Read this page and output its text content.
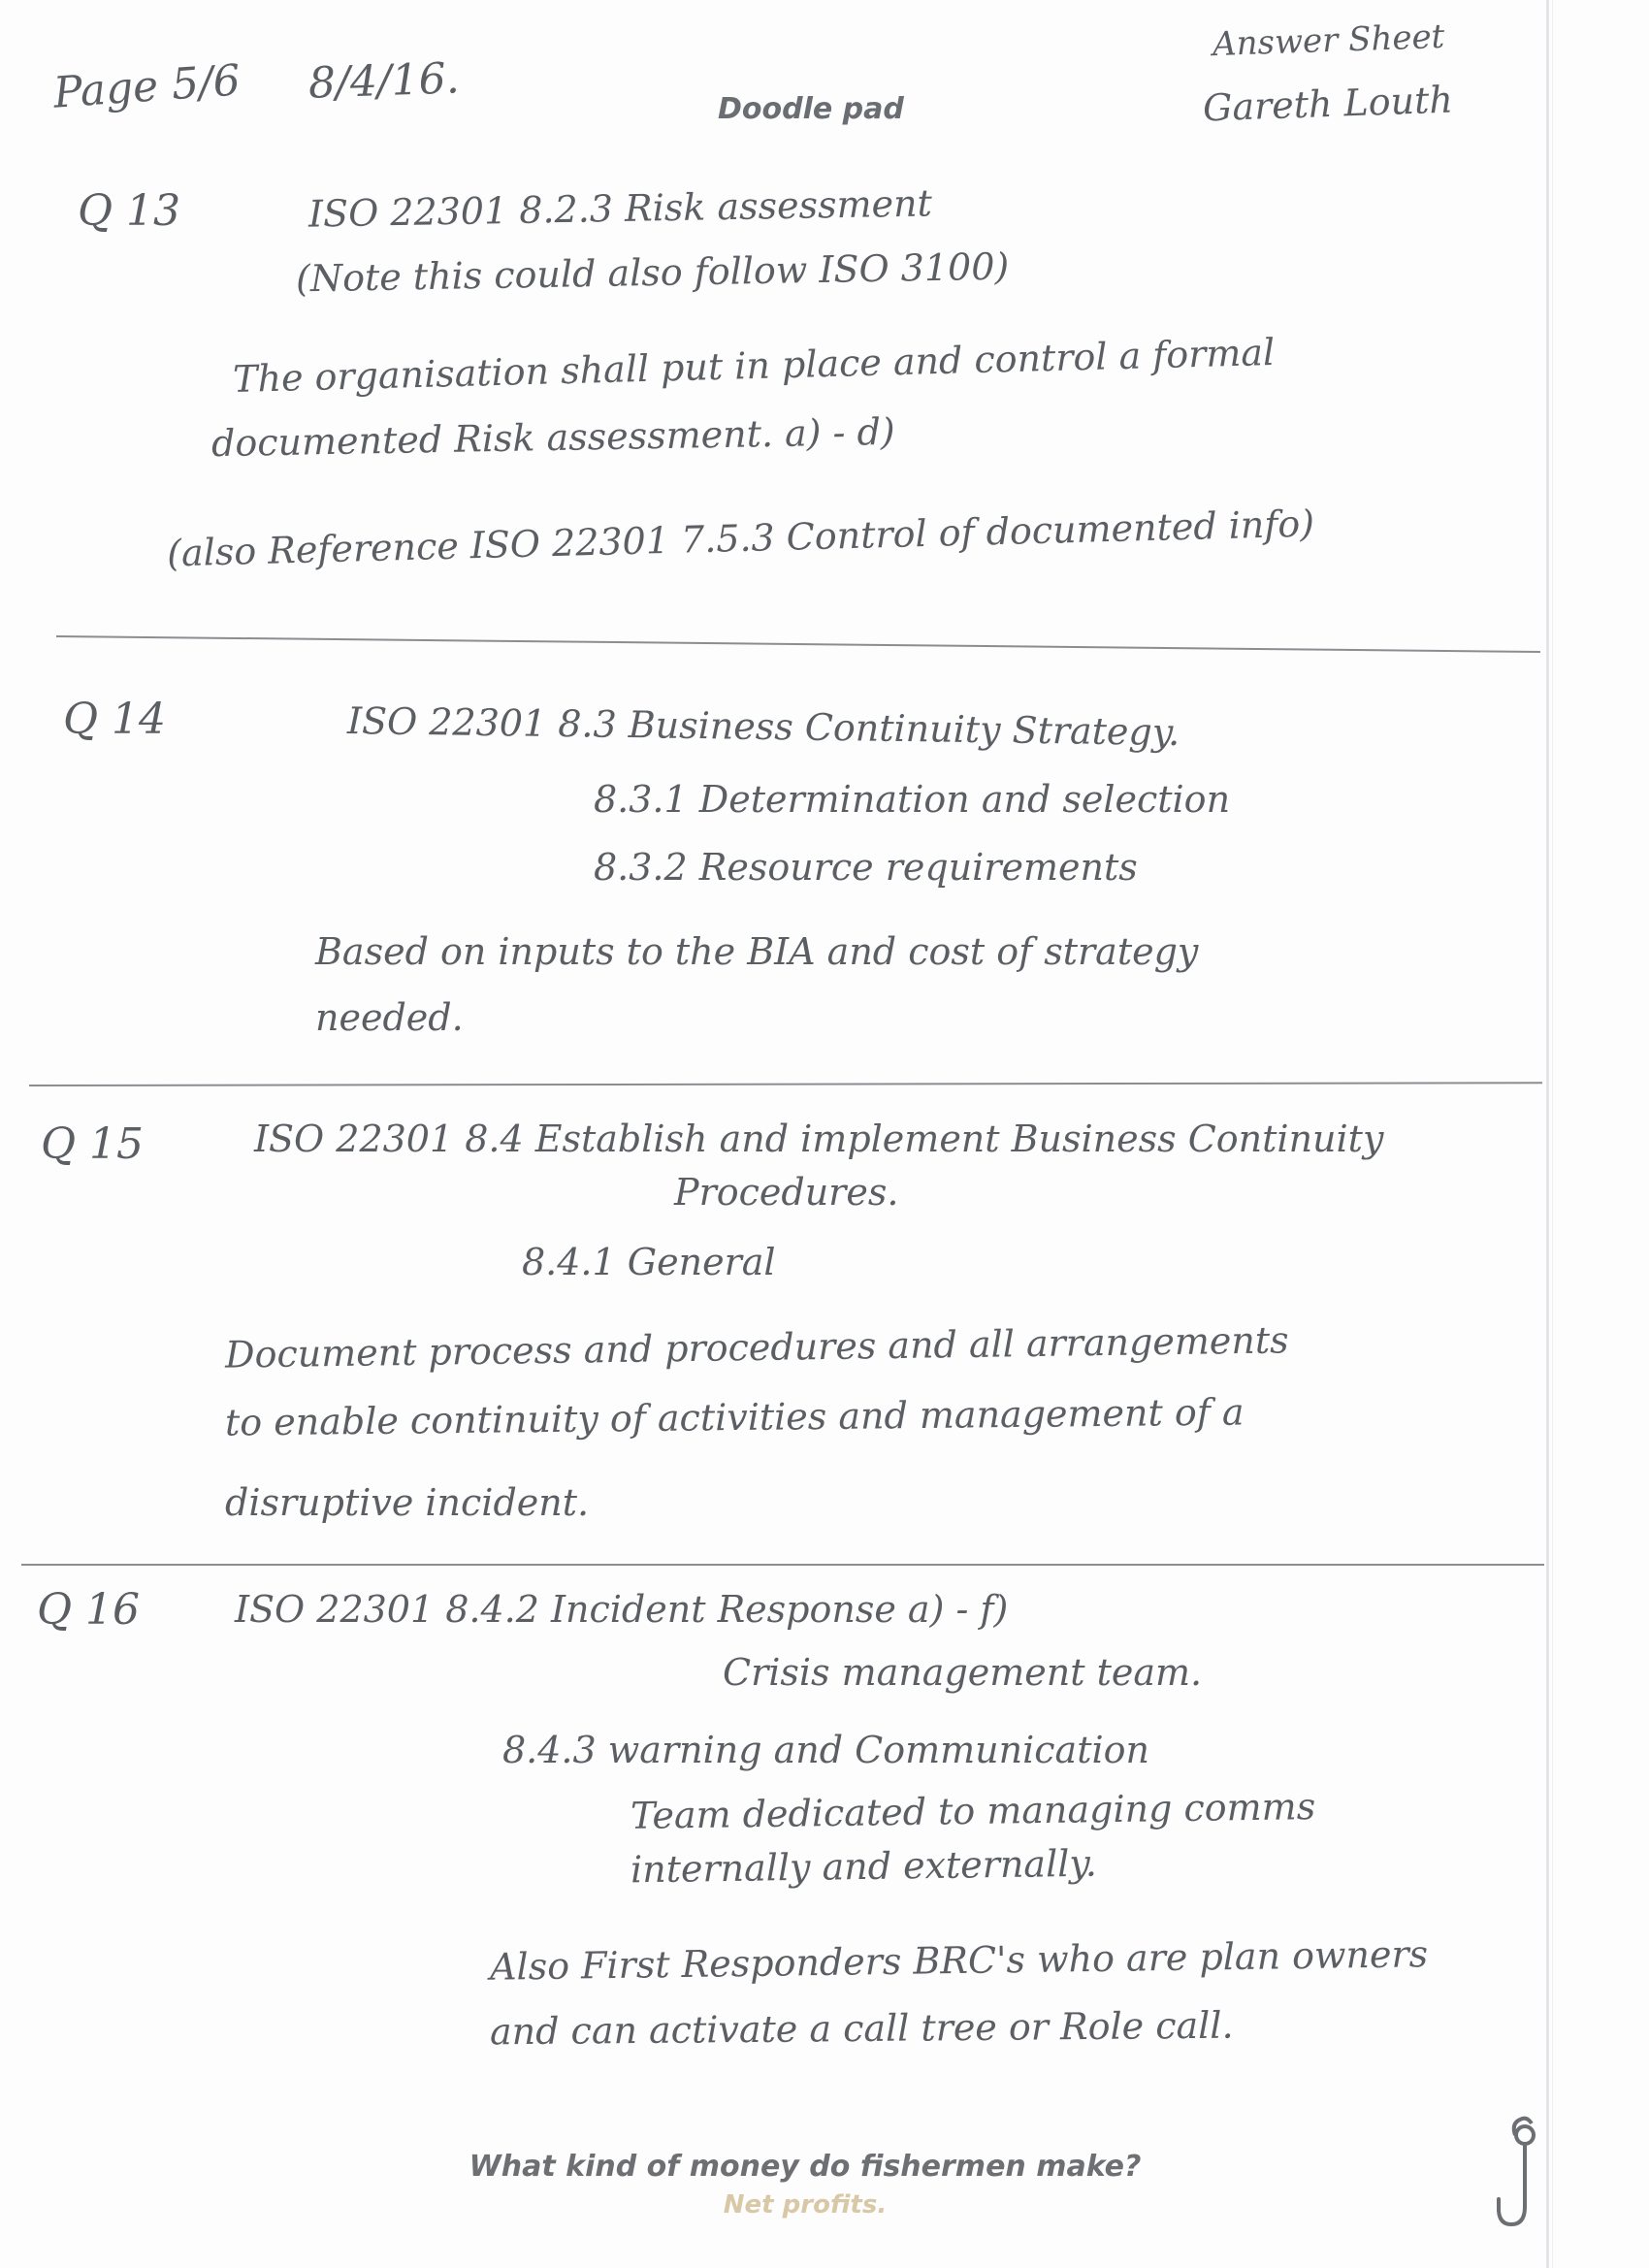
Page 5/6 8/4/16.
Doodle pad
Answer Sheet
Gareth Louth
Q 13	ISO 22301 8.2.3 Risk assessment
(Note this could also follow ISO 3100)
The organisation shall put in place and control a formal
documented Risk assessment. a) - d)
(also Reference ISO 22301 7.5.3 Control of documented info)
Q 14	ISO 22301 8.3 Business Continuity Strategy.
8.3.1 Determination and selection
8.3.2 Resource requirements
Based on inputs to the BIA and cost of strategy
needed.
Q 15	ISO 22301 8.4 Establish and implement Business Continuity
Procedures.
8.4.1 General
Document process and procedures and all arrangements
to enable continuity of activities and management of a
disruptive incident.
Q 16	ISO 22301 8.4.2 Incident Response a) - f)
Crisis management team.
8.4.3 warning and Communication
Team dedicated to managing comms
internally and externally.
Also First Responders BRC's who are plan owners
and can activate a call tree or Role call.
What kind of money do fishermen make?
Net profits.
